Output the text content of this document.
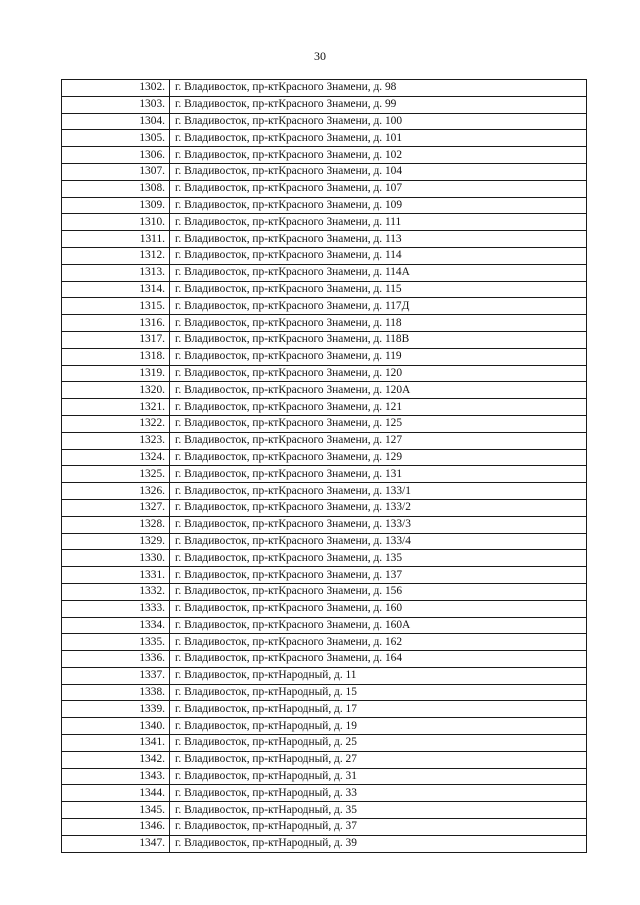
30
1302.	г. Владивосток, пр-ктКрасного Знамени, д. 98
1303.	г. Владивосток, пр-ктКрасного Знамени, д. 99
1304.	г. Владивосток, пр-ктКрасного Знамени, д. 100
1305.	г. Владивосток, пр-ктКрасного Знамени, д. 101
1306.	г. Владивосток, пр-ктКрасного Знамени, д. 102
1307.	г. Владивосток, пр-ктКрасного Знамени, д. 104
1308.	г. Владивосток, пр-ктКрасного Знамени, д. 107
1309.	г. Владивосток, пр-ктКрасного Знамени, д. 109
1310.	г. Владивосток, пр-ктКрасного Знамени, д. 111
1311.	г. Владивосток, пр-ктКрасного Знамени, д. 113
1312.	г. Владивосток, пр-ктКрасного Знамени, д. 114
1313.	г. Владивосток, пр-ктКрасного Знамени, д. 114А
1314.	г. Владивосток, пр-ктКрасного Знамени, д. 115
1315.	г. Владивосток, пр-ктКрасного Знамени, д. 117Д
1316.	г. Владивосток, пр-ктКрасного Знамени, д. 118
1317.	г. Владивосток, пр-ктКрасного Знамени, д. 118В
1318.	г. Владивосток, пр-ктКрасного Знамени, д. 119
1319.	г. Владивосток, пр-ктКрасного Знамени, д. 120
1320.	г. Владивосток, пр-ктКрасного Знамени, д. 120А
1321.	г. Владивосток, пр-ктКрасного Знамени, д. 121
1322.	г. Владивосток, пр-ктКрасного Знамени, д. 125
1323.	г. Владивосток, пр-ктКрасного Знамени, д. 127
1324.	г. Владивосток, пр-ктКрасного Знамени, д. 129
1325.	г. Владивосток, пр-ктКрасного Знамени, д. 131
1326.	г. Владивосток, пр-ктКрасного Знамени, д. 133/1
1327.	г. Владивосток, пр-ктКрасного Знамени, д. 133/2
1328.	г. Владивосток, пр-ктКрасного Знамени, д. 133/3
1329.	г. Владивосток, пр-ктКрасного Знамени, д. 133/4
1330.	г. Владивосток, пр-ктКрасного Знамени, д. 135
1331.	г. Владивосток, пр-ктКрасного Знамени, д. 137
1332.	г. Владивосток, пр-ктКрасного Знамени, д. 156
1333.	г. Владивосток, пр-ктКрасного Знамени, д. 160
1334.	г. Владивосток, пр-ктКрасного Знамени, д. 160А
1335.	г. Владивосток, пр-ктКрасного Знамени, д. 162
1336.	г. Владивосток, пр-ктКрасного Знамени, д. 164
1337.	г. Владивосток, пр-ктНародный, д. 11
1338.	г. Владивосток, пр-ктНародный, д. 15
1339.	г. Владивосток, пр-ктНародный, д. 17
1340.	г. Владивосток, пр-ктНародный, д. 19
1341.	г. Владивосток, пр-ктНародный, д. 25
1342.	г. Владивосток, пр-ктНародный, д. 27
1343.	г. Владивосток, пр-ктНародный, д. 31
1344.	г. Владивосток, пр-ктНародный, д. 33
1345.	г. Владивосток, пр-ктНародный, д. 35
1346.	г. Владивосток, пр-ктНародный, д. 37
1347.	г. Владивосток, пр-ктНародный, д. 39
